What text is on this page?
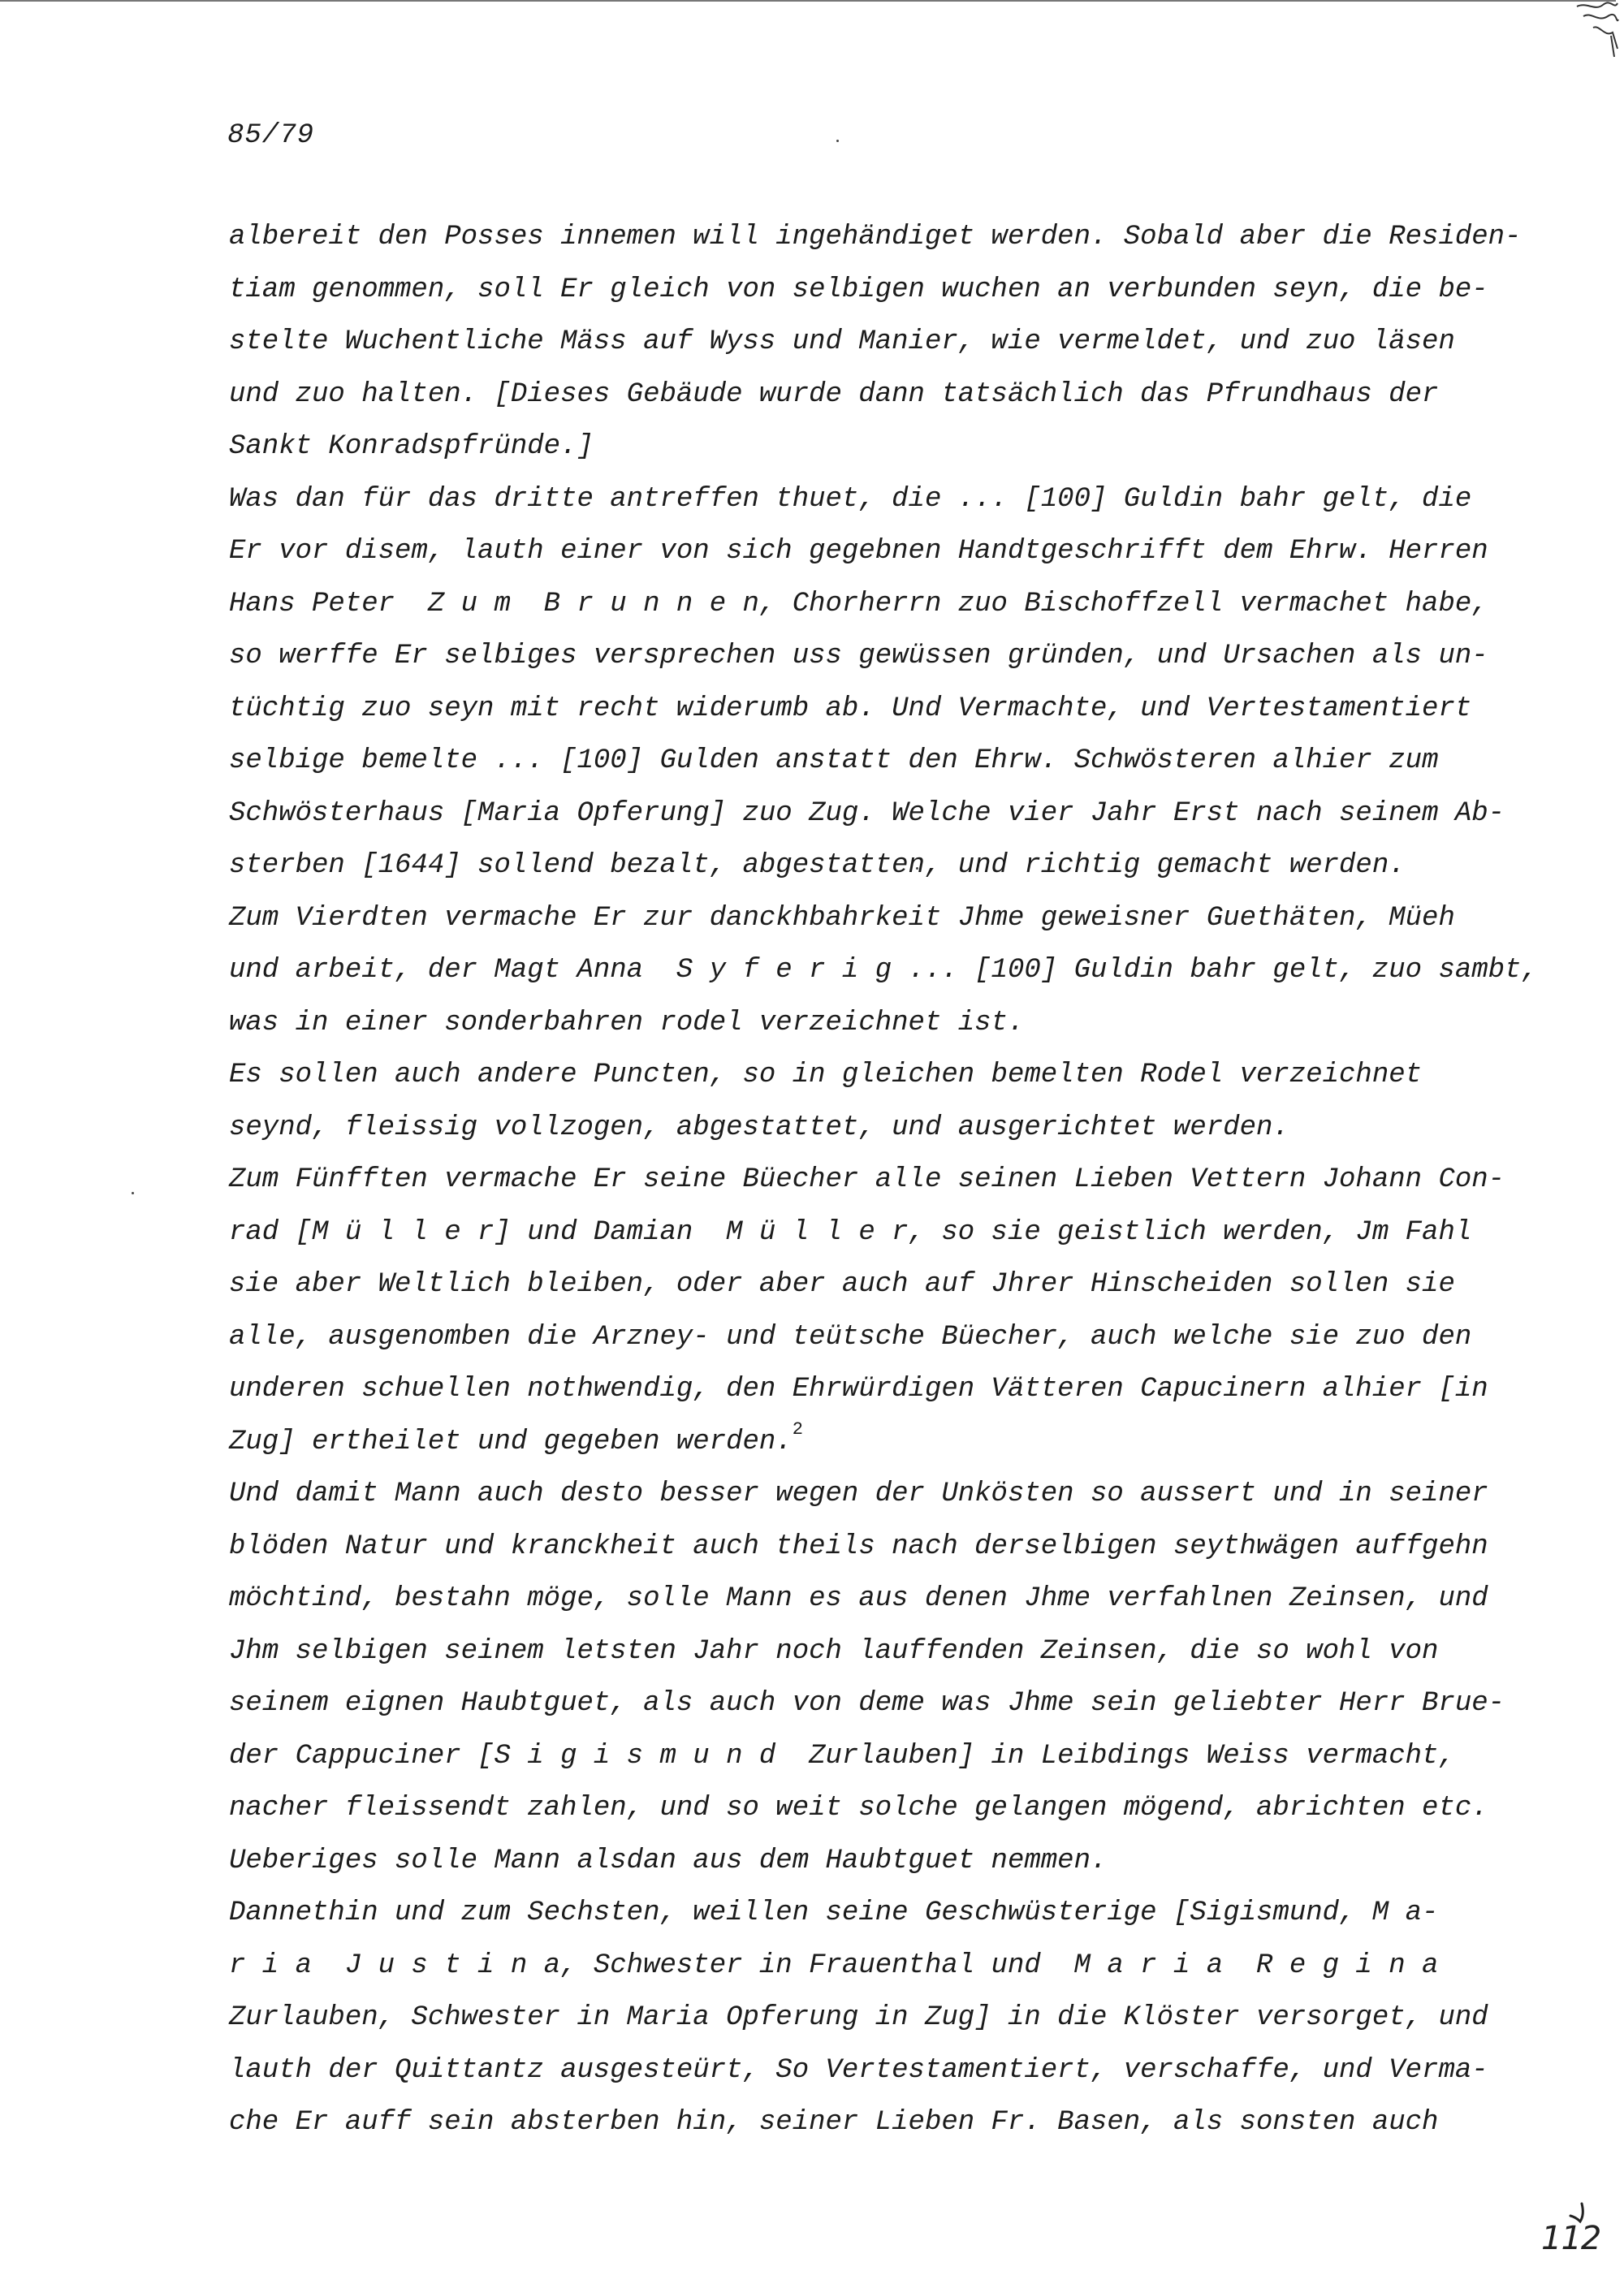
85/79
albereit den Posses innemen will ingehändiget werden. Sobald aber die Residen-
tiam genommen, soll Er gleich von selbigen wuchen an verbunden seyn, die be-
stelte Wuchentliche Mäss auf Wyss und Manier, wie vermeldet, und zuo läsen
und zuo halten. [Dieses Gebäude wurde dann tatsächlich das Pfrundhaus der
Sankt Konradspfründe.]
Was dan für das dritte antreffen thuet, die ... [100] Guldin bahr gelt, die
Er vor disem, lauth einer von sich gegebnen Handtgeschrifft dem Ehrw. Herren
Hans Peter  Z u m  B r u n n e n, Chorherrn zuo Bischoffzell vermachet habe,
so werffe Er selbiges versprechen uss gewüssen gründen, und Ursachen als un-
tüchtig zuo seyn mit recht widerumb ab. Und Vermachte, und Vertestamentiert
selbige bemelte ... [100] Gulden anstatt den Ehrw. Schwösteren alhier zum
Schwösterhaus [Maria Opferung] zuo Zug. Welche vier Jahr Erst nach seinem Ab-
sterben [1644] sollend bezalt, abgestatten, und richtig gemacht werden.
Zum Vierdten vermache Er zur danckhbahrkeit Jhme geweisner Guethäten, Müeh
und arbeit, der Magt Anna  S y f e r i g ... [100] Guldin bahr gelt, zuo sambt,
was in einer sonderbahren rodel verzeichnet ist.
Es sollen auch andere Puncten, so in gleichen bemelten Rodel verzeichnet
seynd, fleissig vollzogen, abgestattet, und ausgerichtet werden.
Zum Fünfften vermache Er seine Büecher alle seinen Lieben Vettern Johann Con-
rad [M ü l l e r] und Damian  M ü l l e r, so sie geistlich werden, Jm Fahl
sie aber Weltlich bleiben, oder aber auch auf Jhrer Hinscheiden sollen sie
alle, ausgenomben die Arzney- und teütsche Büecher, auch welche sie zuo den
underen schuellen nothwendig, den Ehrwürdigen Vätteren Capucinern alhier [in
Zug] ertheilet und gegeben werden.$^2$
Und damit Mann auch desto besser wegen der Unkösten so aussert und in seiner
blöden Natur und kranckheit auch theils nach derselbigen seythwägen auffgehn
möchtind, bestahn möge, solle Mann es aus denen Jhme verfahlnen Zeinsen, und
Jhm selbigen seinem letsten Jahr noch lauffenden Zeinsen, die so wohl von
seinem eignen Haubtguet, als auch von deme was Jhme sein geliebter Herr Brue-
der Cappuciner [S i g i s m u n d  Zurlauben] in Leibdings Weiss vermacht,
nacher fleissendt zahlen, und so weit solche gelangen mögend, abrichten etc.
Ueberiges solle Mann alsdan aus dem Haubtguet nemmen.
Dannethin und zum Sechsten, weillen seine Geschwüsterige [Sigismund, M a-
r i a  J u s t i n a, Schwester in Frauenthal und  M a r i a  R e g i n a
Zurlauben, Schwester in Maria Opferung in Zug] in die Klöster versorget, und
lauth der Quittantz ausgesteürt, So Vertestamentiert, verschaffe, und Verma-
che Er auff sein absterben hin, seiner Lieben Fr. Basen, als sonsten auch
112
